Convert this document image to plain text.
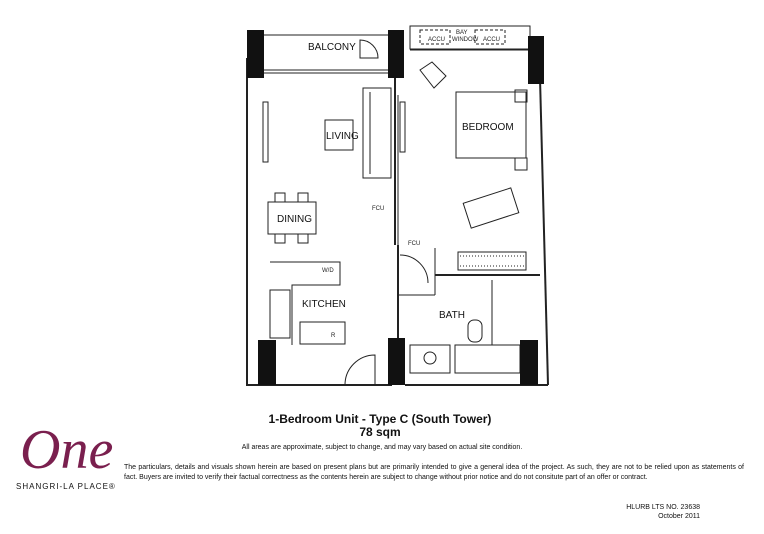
BALCONY
ACCU	ACCU
BAY
WINDOW
LIVING
BEDROOM
DINING
KITCHEN
BATH
FCU
FCU
W/D
R
1-Bedroom Unit - Type C (South Tower)
78 sqm
All areas are approximate, subject to change, and may vary based on actual site condition.
The particulars, details and visuals shown herein are based on present plans but are primarily intended to give a general idea of the project. As such, they are not to be relied upon as statements of fact. Buyers are invited to verify their factual correctness as the contents herein are subject to change without prior notice and do not consitute part of an offer or contract.
HLURB LTS NO. 23638
October 2011
One
SHANGRI-LA PLACE®
